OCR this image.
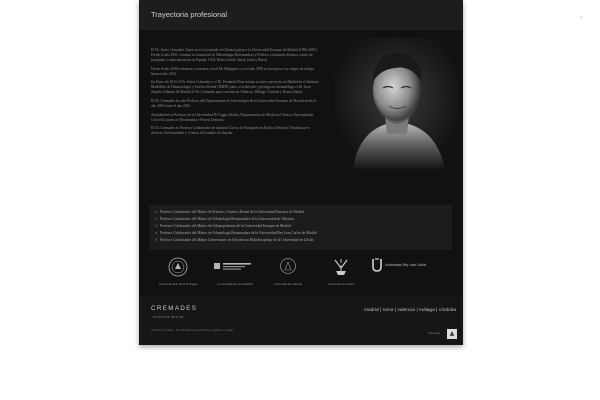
✕
Trayectoria profesional

El Dr. Javier Cremades Aparicio es Licenciado en Odontología por la Universidad Europea de Madrid (1996-2001). Desde el año 2001 continua su formación en Odontología Restauradora y Estética, realizando distintos cursos de postgrado y especialización en España, USA, Reino Unido, Suiza, Italia y Brasil.

Desde el año 2000 comienza a formarse con el Dr. Radigales y en el año 2005 se incorpora a su equipo de trabajo hasta el año 2012.

En Enero de 2013 el Dr. Javier Cremades y el Dr. Fernando Ruiz inician su nuevo proyecto en Madrid en el Instituto Madrileño de Dermatología y Estética Dental (IMDE) junto a su director y prestigioso dermatólogo el Dr. Juan Sopeña. Además de Madrid el Dr. Cremades pasa consulta en Valencia, Málaga, Córdoba y Roma (Italia).

El Dr. Cremades ha sido Profesor del Departamento de Odontología de la Universidad Europea de Madrid desde el año 2003 hasta el año 2012.

Actualmente es Profesor de la Universidad Di Foggia (Italia). Departamento de Medicina Clínica e Sperimentale. Corso di Laurea in Odontoiatria e Protesi Dentaria.

El Dr. Cremades es Profesor Colaborador de distintos Cursos de Postgrado en Estética Dental y Ortodoncia en diversas Universidades y Centros de Estudios de España.

✓ Profesor Colaborador del Máster de Prótesis y Estética Dental de la Universidad Europea de Madrid.
✓ Profesor Colaborador del Máster de Odontología Restauradora de la Universidad de Valencia.
✓ Profesor Colaborador del Máster de Odontopediatría de la Universidad Europea de Madrid.
✓ Profesor Colaborador del Máster de Odontología Restauradora de la Universidad Rey Juan Carlos de Madrid.
✓ Profesor Colaborador del Máster Universitario en Ortodoncia Multidisciplinar de la Universidad de Lleida.
Università degli Studi di Foggia	Universidad Europea Madrid	Universitat de València	Universitat de Lleida
Universidad Rey Juan Carlos
CREMADES
estética dental
madrid | roma | valencia | málaga | córdoba
Clínica Dr. Cremades · Web diseñada y desarrollada por osgraphik + mediaja
aviso legal	▲
